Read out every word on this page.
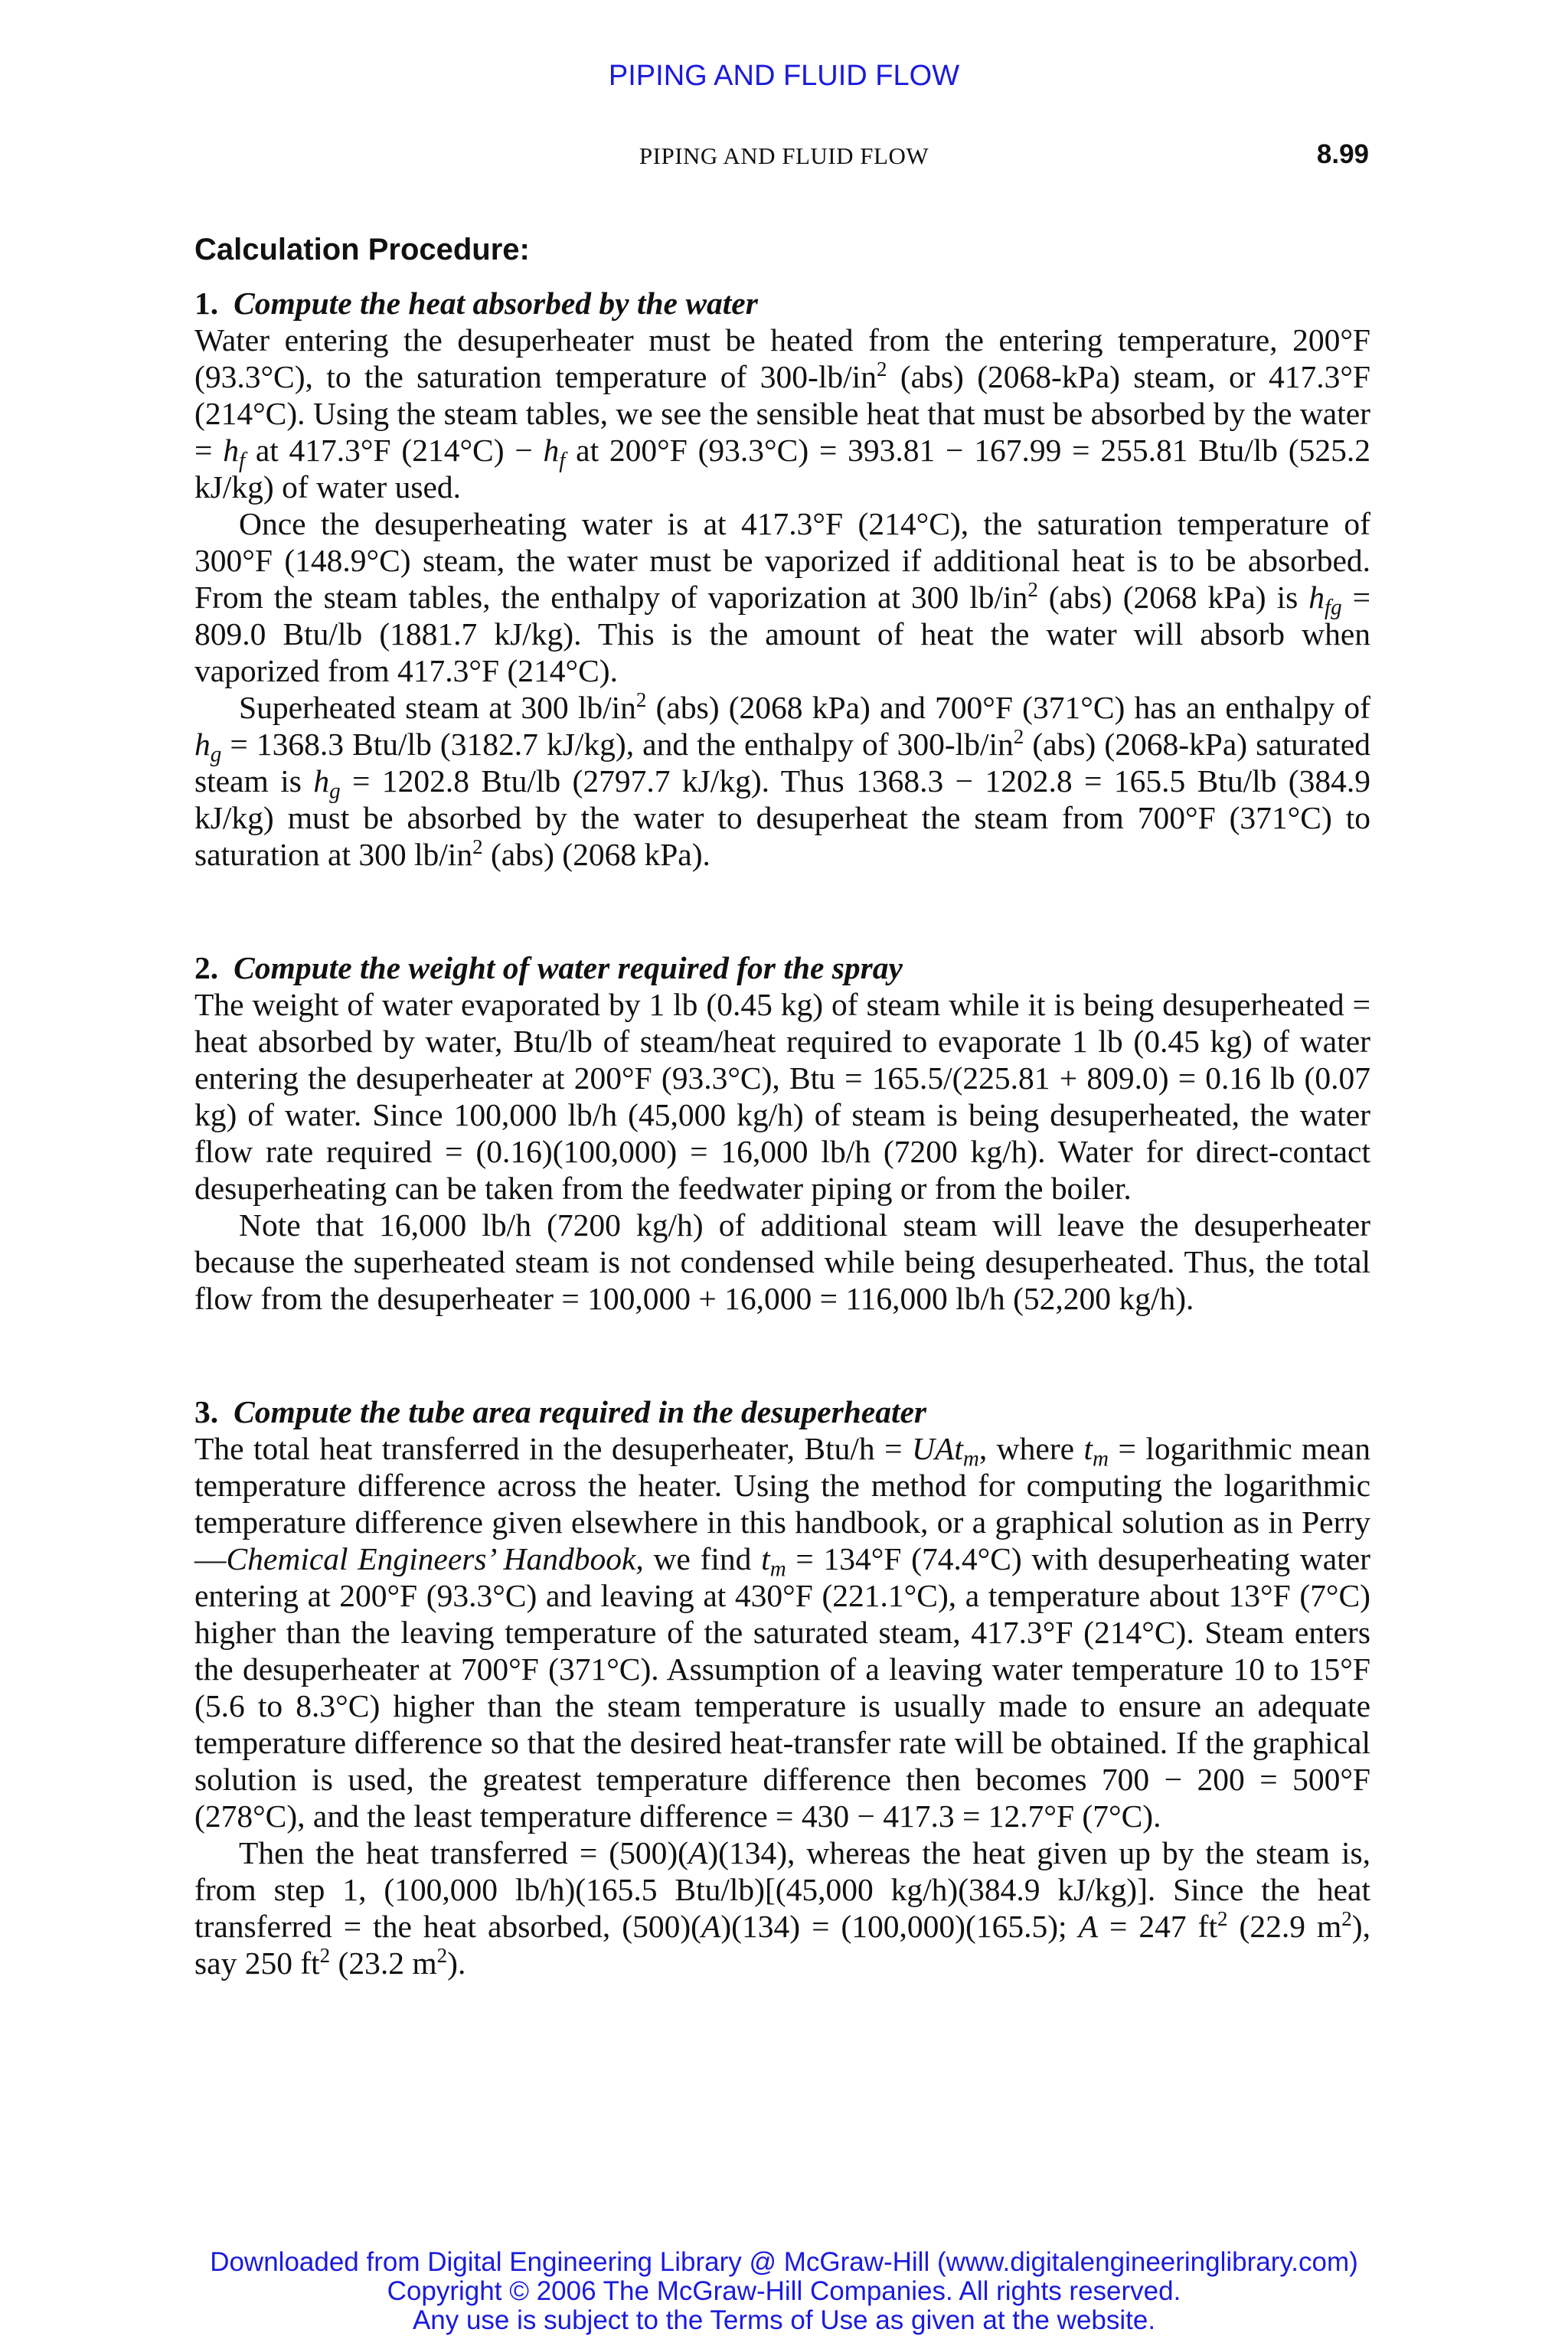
PIPING AND FLUID FLOW
PIPING AND FLUID FLOW	8.99
Calculation Procedure:
1. Compute the heat absorbed by the water

Water entering the desuperheater must be heated from the entering temperature, 200°F (93.3°C), to the saturation temperature of $300-lb/in^2$ (abs) (2068-kPa) steam, or 417.3°F (214°C). Using the steam tables, we see the sensible heat that must be absorbed by the water = $h_f$ at 417.3°F $(214^\circ C) - h_f$ at 200°F (93.3°C) = 393.81 − 167.99 = 255.81 Btu/lb (525.2 kJ/kg) of water used.

Once the desuperheating water is at 417.3°F (214°C), the saturation temperature of 300°F (148.9°C) steam, the water must be vaporized if additional heat is to be absorbed. From the steam tables, the enthalpy of vaporization at 300 $lb/in^2$ (abs) (2068 kPa) is $h_{fg} = 809.0$ Btu/lb (1881.7 kJ/kg). This is the amount of heat the water will absorb when vaporized from 417.3°F (214°C).

Superheated steam at 300 $lb/in^2$ (abs) (2068 kPa) and 700°F (371°C) has an enthalpy of $h_g = 1368.3$ Btu/lb (3182.7 kJ/kg), and the enthalpy of $300-lb/in^2$ (abs) (2068-kPa) saturated steam is $h_g = 1202.8$ Btu/lb (2797.7 kJ/kg). Thus 1368.3 − 1202.8 = 165.5 Btu/lb (384.9 kJ/kg) must be absorbed by the water to desuperheat the steam from 700°F (371°C) to saturation at 300 $lb/in^2$ (abs) (2068 kPa).

2. Compute the weight of water required for the spray

The weight of water evaporated by 1 lb (0.45 kg) of steam while it is being desuperheated = heat absorbed by water, Btu/lb of steam/heat required to evaporate 1 lb (0.45 kg) of water entering the desuperheater at 200°F (93.3°C), Btu = 165.5/(225.81 + 809.0) = 0.16 lb (0.07 kg) of water. Since 100,000 lb/h (45,000 kg/h) of steam is being desuperheated, the water flow rate required = (0.16)(100,000) = 16,000 lb/h (7200 kg/h). Water for direct-contact desuperheating can be taken from the feedwater piping or from the boiler.

Note that 16,000 lb/h (7200 kg/h) of additional steam will leave the desuperheater because the superheated steam is not condensed while being desuperheated. Thus, the total flow from the desuperheater = 100,000 + 16,000 = 116,000 lb/h (52,200 kg/h).

3. Compute the tube area required in the desuperheater

The total heat transferred in the desuperheater, Btu/h = UAt$_m$, where $t_m$ = logarithmic mean temperature difference across the heater. Using the method for computing the logarithmic temperature difference given elsewhere in this handbook, or a graphical solution as in Perry—Chemical Engineers’ Handbook, we find $t_m = 134^\circ F$ (74.4°C) with desuperheating water entering at 200°F (93.3°C) and leaving at 430°F (221.1°C), a temperature about 13°F (7°C) higher than the leaving temperature of the saturated steam, 417.3°F (214°C). Steam enters the desuperheater at 700°F (371°C). Assumption of a leaving water temperature 10 to 15°F (5.6 to 8.3°C) higher than the steam temperature is usually made to ensure an adequate temperature difference so that the desired heat-transfer rate will be obtained. If the graphical solution is used, the greatest temperature difference then becomes 700 − 200 = 500°F (278°C), and the least temperature difference = 430 − 417.3 = 12.7°F (7°C).

Then the heat transferred = (500)(A)(134), whereas the heat given up by the steam is, from step 1, (100,000 lb/h)(165.5 Btu/lb)[(45,000 kg/h)(384.9 kJ/kg)]. Since the heat transferred = the heat absorbed, (500)(A)(134) = (100,000)(165.5); A = 247 $ft^2$ (22.9 $m^2$), say 250 $ft^2$ (23.2 $m^2$).

Downloaded from Digital Engineering Library @ McGraw-Hill (www.digitalengineeringlibrary.com)
Copyright © 2006 The McGraw-Hill Companies. All rights reserved.
Any use is subject to the Terms of Use as given at the website.
